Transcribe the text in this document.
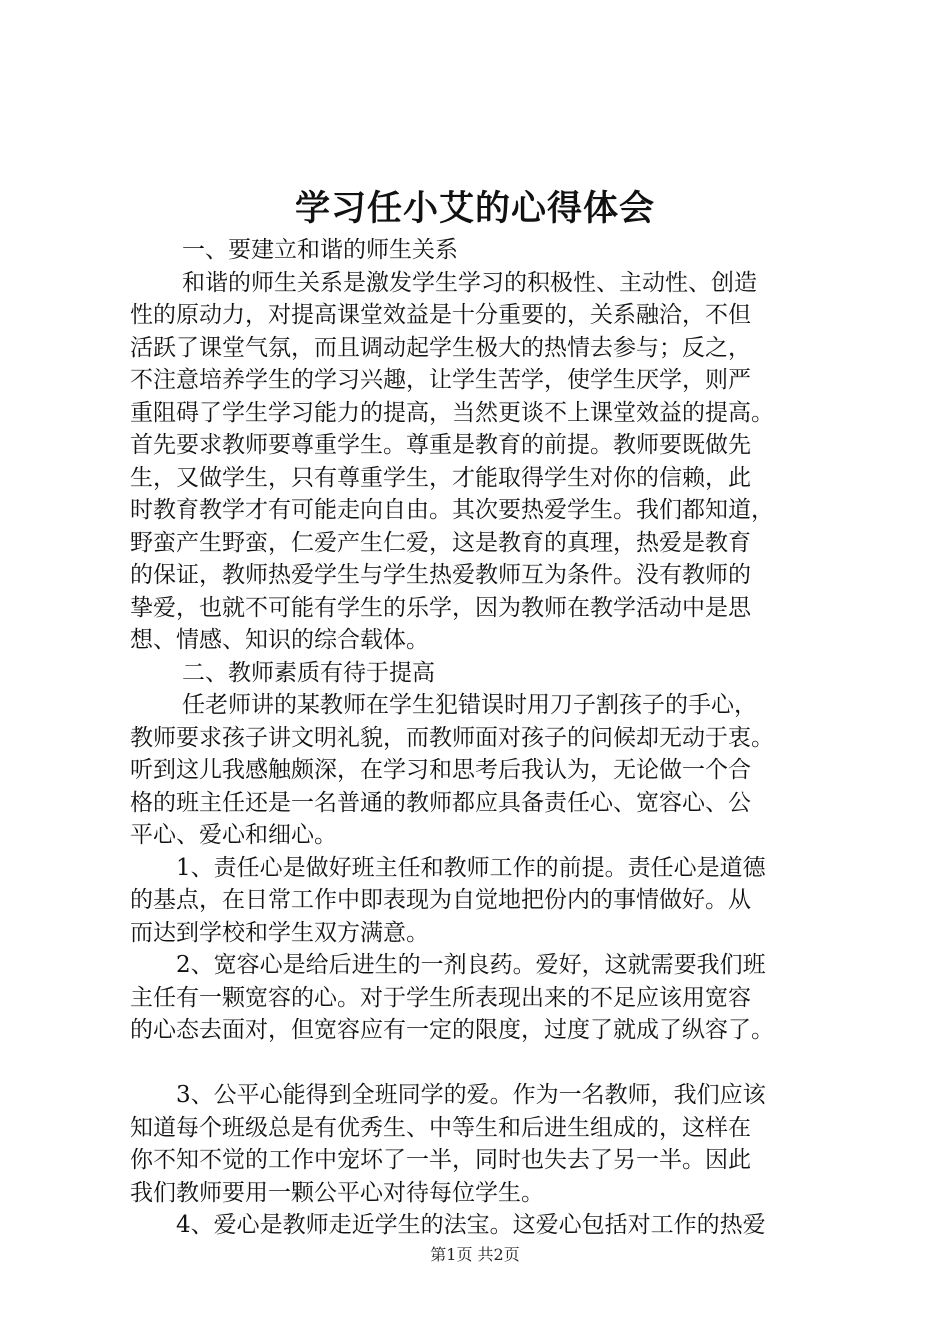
学习任小艾的心得体会
一、要建立和谐的师生关系
和谐的师生关系是激发学生学习的积极性、主动性、创造
性的原动力，对提高课堂效益是十分重要的，关系融洽，不但
活跃了课堂气氛，而且调动起学生极大的热情去参与；反之，
不注意培养学生的学习兴趣，让学生苦学，使学生厌学，则严
重阻碍了学生学习能力的提高，当然更谈不上课堂效益的提高。
首先要求教师要尊重学生。尊重是教育的前提。教师要既做先
生，又做学生，只有尊重学生，才能取得学生对你的信赖，此
时教育教学才有可能走向自由。其次要热爱学生。我们都知道，
野蛮产生野蛮，仁爱产生仁爱，这是教育的真理，热爱是教育
的保证，教师热爱学生与学生热爱教师互为条件。没有教师的
挚爱，也就不可能有学生的乐学，因为教师在教学活动中是思
想、情感、知识的综合载体。
二、教师素质有待于提高
任老师讲的某教师在学生犯错误时用刀子割孩子的手心，
教师要求孩子讲文明礼貌，而教师面对孩子的问候却无动于衷。
听到这儿我感触颇深，在学习和思考后我认为，无论做一个合
格的班主任还是一名普通的教师都应具备责任心、宽容心、公
平心、爱心和细心。
1、责任心是做好班主任和教师工作的前提。责任心是道德
的基点，在日常工作中即表现为自觉地把份内的事情做好。从
而达到学校和学生双方满意。
2、宽容心是给后进生的一剂良药。爱好，这就需要我们班
主任有一颗宽容的心。对于学生所表现出来的不足应该用宽容
的心态去面对，但宽容应有一定的限度，过度了就成了纵容了。
3、公平心能得到全班同学的爱。作为一名教师，我们应该
知道每个班级总是有优秀生、中等生和后进生组成的，这样在
你不知不觉的工作中宠坏了一半，同时也失去了另一半。因此
我们教师要用一颗公平心对待每位学生。
4、爱心是教师走近学生的法宝。这爱心包括对工作的热爱
第1页 共2页
